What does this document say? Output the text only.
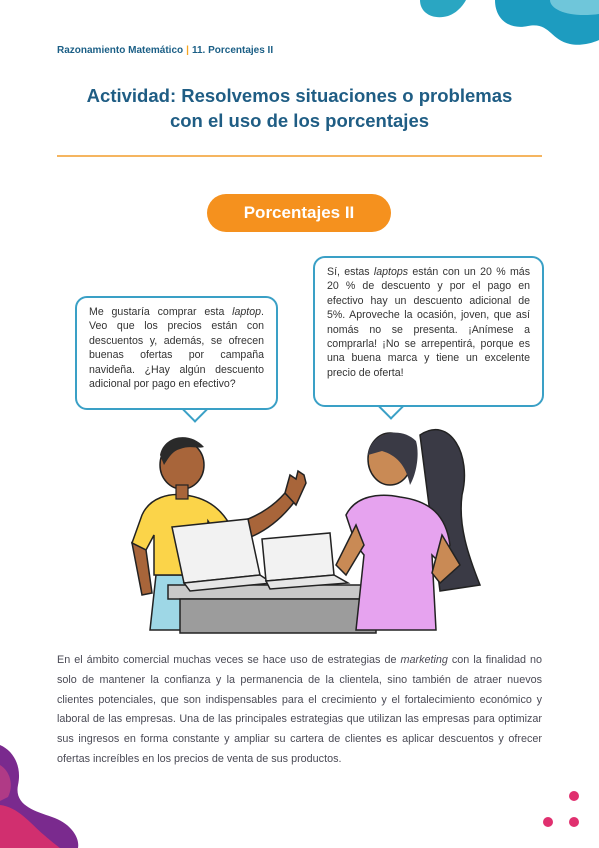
Razonamiento Matemático | 11. Porcentajes II
Actividad: Resolvemos situaciones o problemas
con el uso de los porcentajes
Porcentajes II
Me gustaría comprar esta laptop. Veo que los precios están con descuentos y, además, se ofrecen buenas ofertas por campaña navideña. ¿Hay algún descuento adicional por pago en efectivo?
Sí, estas laptops están con un 20 % más 20 % de descuento y por el pago en efectivo hay un descuento adicional de 5%. Aproveche la ocasión, joven, que así nomás no se presenta. ¡Anímese a comprarla! ¡No se arrepentirá, porque es una buena marca y tiene un excelente precio de oferta!
En el ámbito comercial muchas veces se hace uso de estrategias de marketing con la finalidad no solo de mantener la confianza y la permanencia de la clientela, sino también de atraer nuevos clientes potenciales, que son indispensables para el crecimiento y el fortalecimiento económico y laboral de las empresas. Una de las principales estrategias que utilizan las empresas para optimizar sus ingresos en forma constante y ampliar su cartera de clientes es aplicar descuentos y ofrecer ofertas increíbles en los precios de venta de sus productos.
